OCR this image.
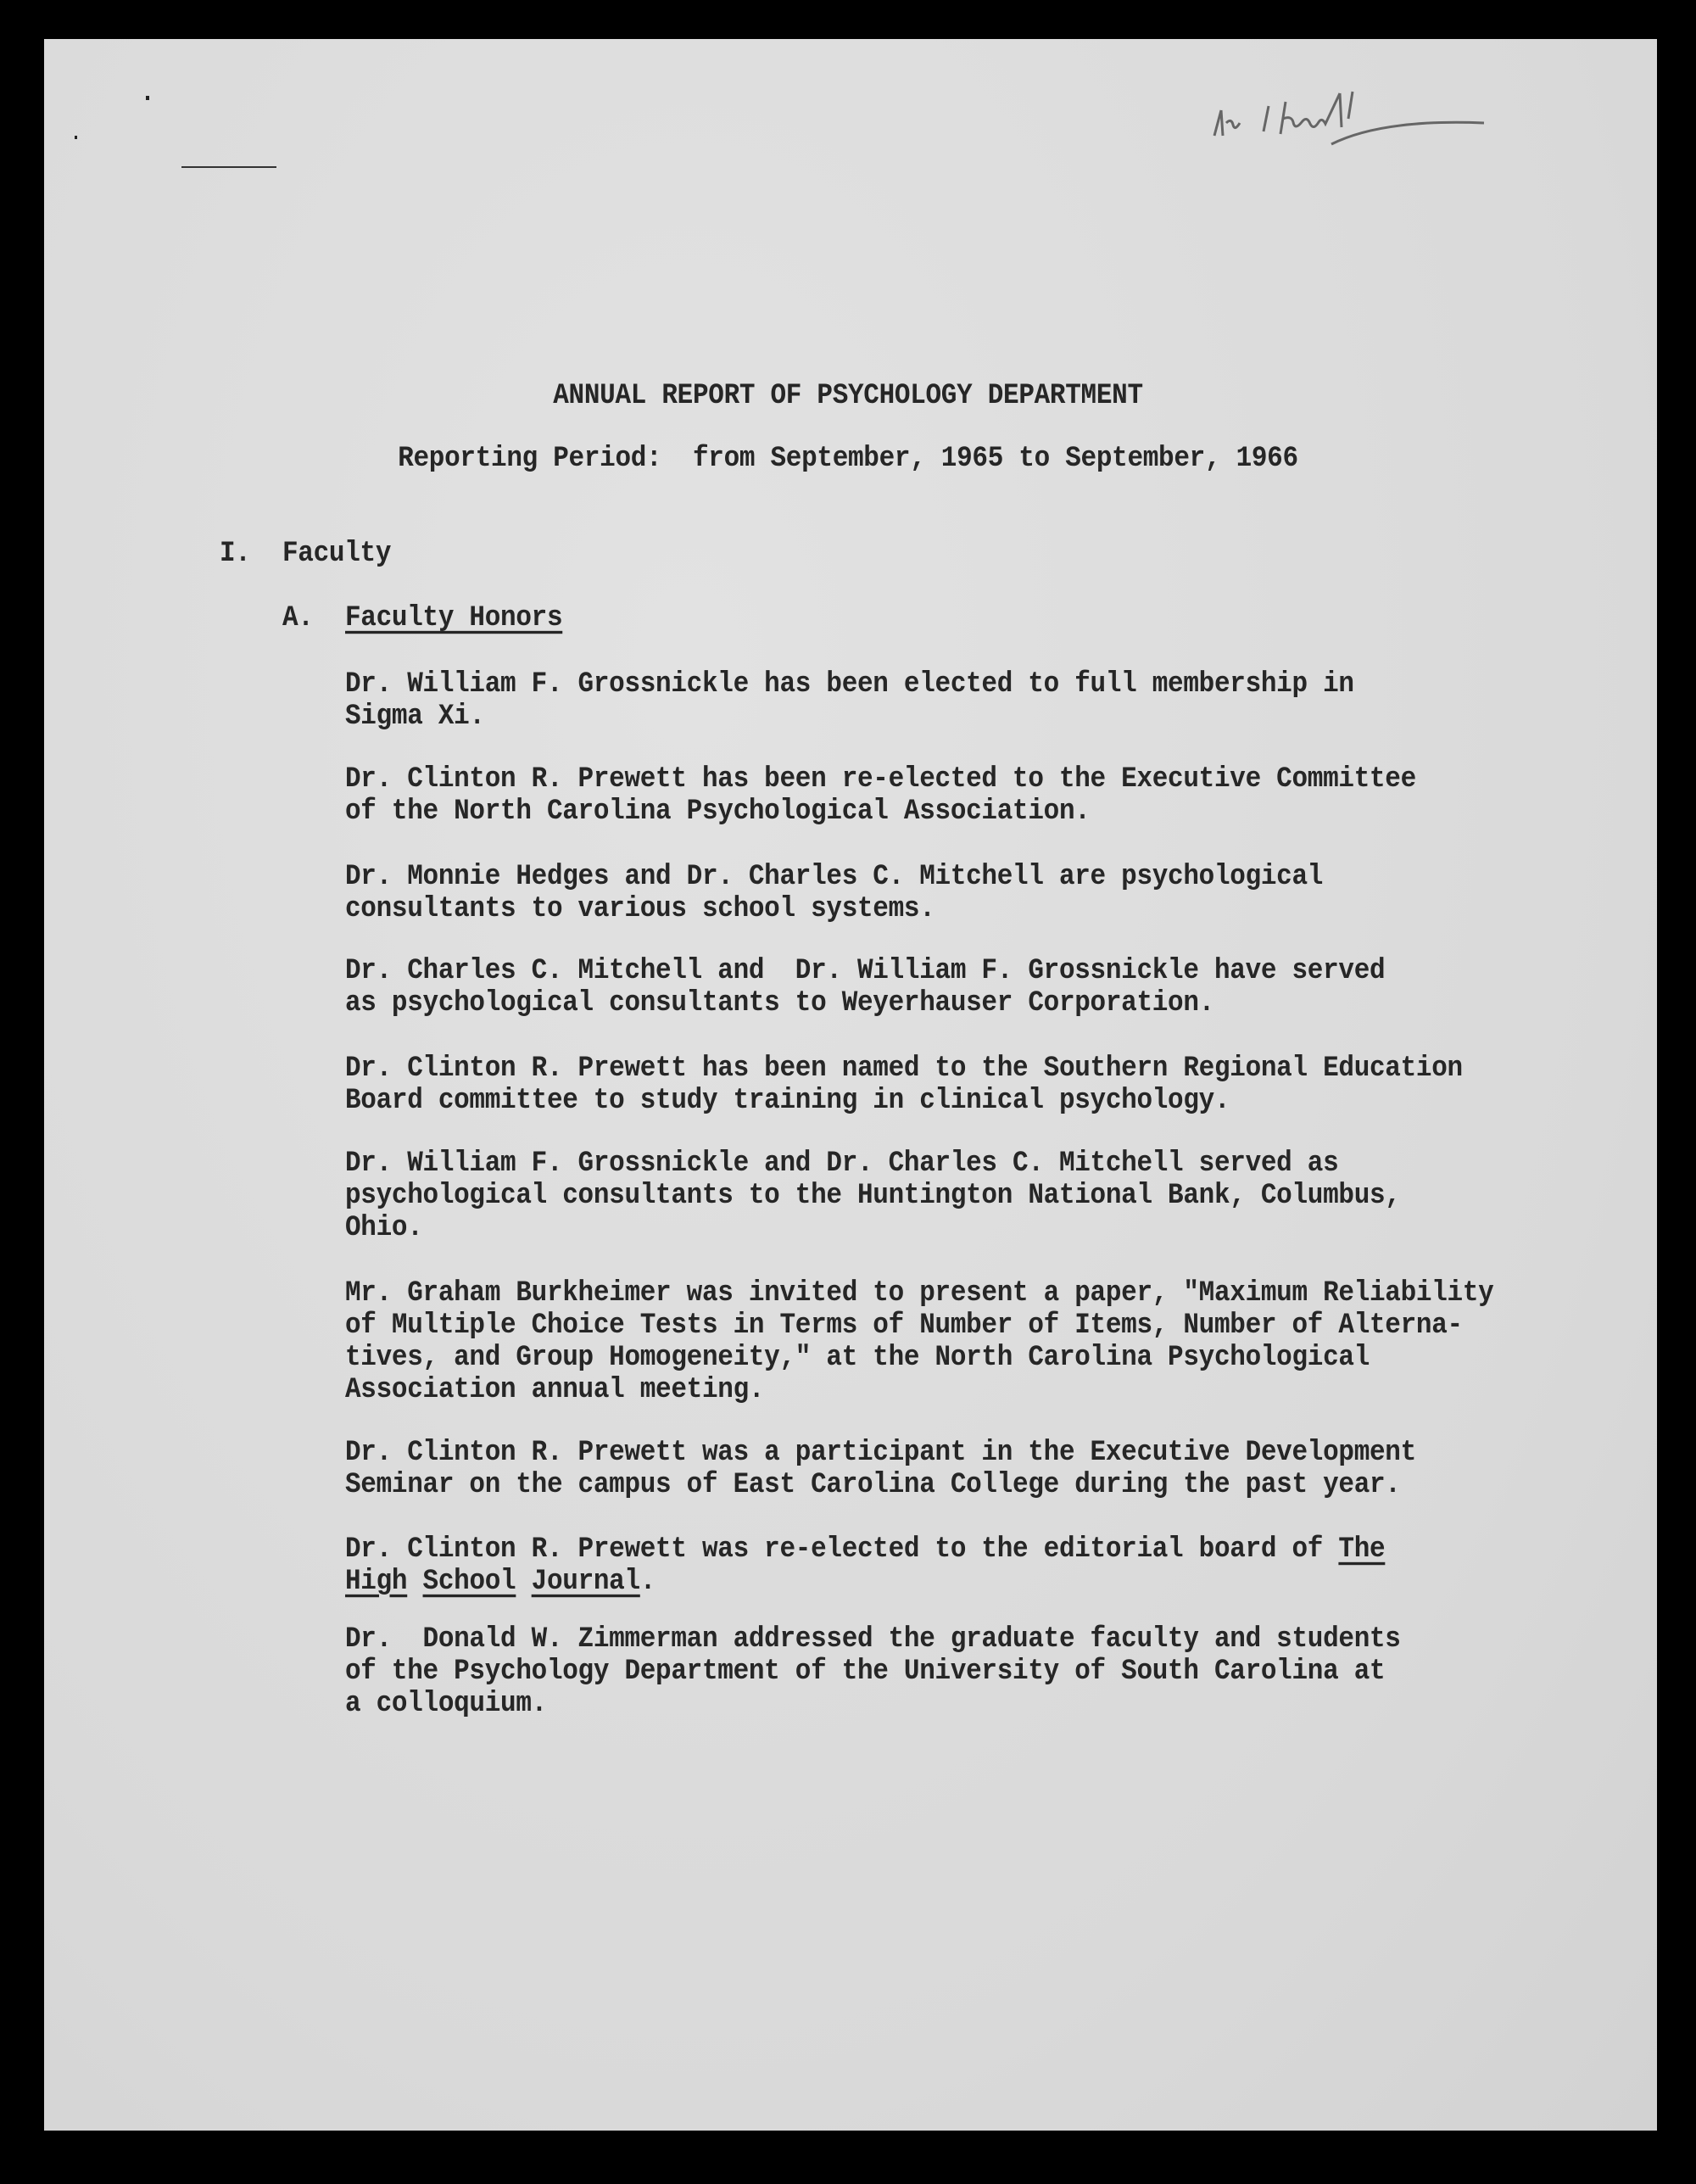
ANNUAL REPORT OF PSYCHOLOGY DEPARTMENT
Reporting Period:  from September, 1965 to September, 1966
I. Faculty
A. Faculty Honors
Dr. William F. Grossnickle has been elected to full membership in
Sigma Xi.
Dr. Clinton R. Prewett has been re-elected to the Executive Committee
of the North Carolina Psychological Association.
Dr. Monnie Hedges and Dr. Charles C. Mitchell are psychological
consultants to various school systems.
Dr. Charles C. Mitchell and  Dr. William F. Grossnickle have served
as psychological consultants to Weyerhauser Corporation.
Dr. Clinton R. Prewett has been named to the Southern Regional Education
Board committee to study training in clinical psychology.
Dr. William F. Grossnickle and Dr. Charles C. Mitchell served as
psychological consultants to the Huntington National Bank, Columbus,
Ohio.
Mr. Graham Burkheimer was invited to present a paper, "Maximum Reliability
of Multiple Choice Tests in Terms of Number of Items, Number of Alterna-
tives, and Group Homogeneity," at the North Carolina Psychological
Association annual meeting.
Dr. Clinton R. Prewett was a participant in the Executive Development
Seminar on the campus of East Carolina College during the past year.
Dr. Clinton R. Prewett was re-elected to the editorial board of The
High School Journal.
Dr.  Donald W. Zimmerman addressed the graduate faculty and students
of the Psychology Department of the University of South Carolina at
a colloquium.
